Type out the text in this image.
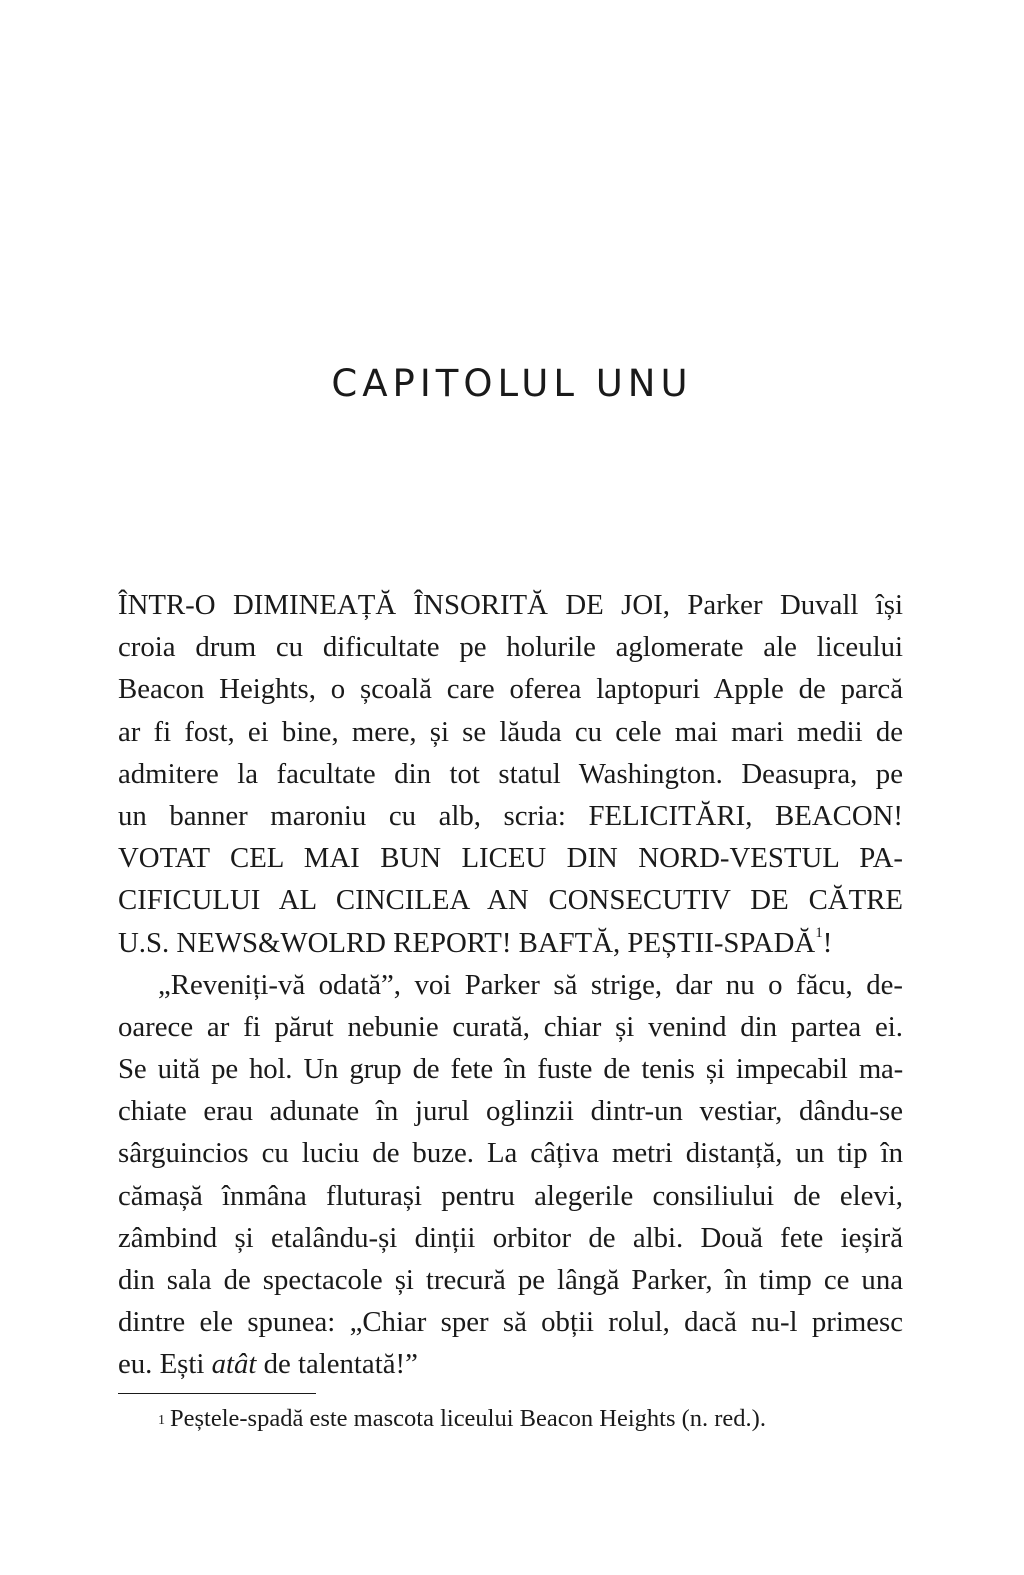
CAPITOLUL UNU
ÎNTR-O DIMINEAȚĂ ÎNSORITĂ DE JOI, Parker Duvall își
croia drum cu dificultate pe holurile aglomerate ale liceului
Beacon Heights, o școală care oferea laptopuri Apple de parcă
ar fi fost, ei bine, mere, și se lăuda cu cele mai mari medii de
admitere la facultate din tot statul Washington. Deasupra, pe
un banner maroniu cu alb, scria: FELICITĂRI, BEACON!
VOTAT CEL MAI BUN LICEU DIN NORD-VESTUL PA-
CIFICULUI AL CINCILEA AN CONSECUTIV DE CĂTRE
U.S. NEWS&WOLRD REPORT! BAFTĂ, PEȘTII-SPADĂ$^1$!
„Reveniți-vă odată”, voi Parker să strige, dar nu o făcu, de-
oarece ar fi părut nebunie curată, chiar și venind din partea ei.
Se uită pe hol. Un grup de fete în fuste de tenis și impecabil ma-
chiate erau adunate în jurul oglinzii dintr-un vestiar, dându-se
sârguincios cu luciu de buze. La câțiva metri distanță, un tip în
cămașă înmâna fluturași pentru alegerile consiliului de elevi,
zâmbind și etalându-și dinții orbitor de albi. Două fete ieșiră
din sala de spectacole și trecură pe lângă Parker, în timp ce una
dintre ele spunea: „Chiar sper să obții rolul, dacă nu-l primesc
eu. Ești atât de talentată!”
$^1$ Peștele-spadă este mascota liceului Beacon Heights (n. red.).
